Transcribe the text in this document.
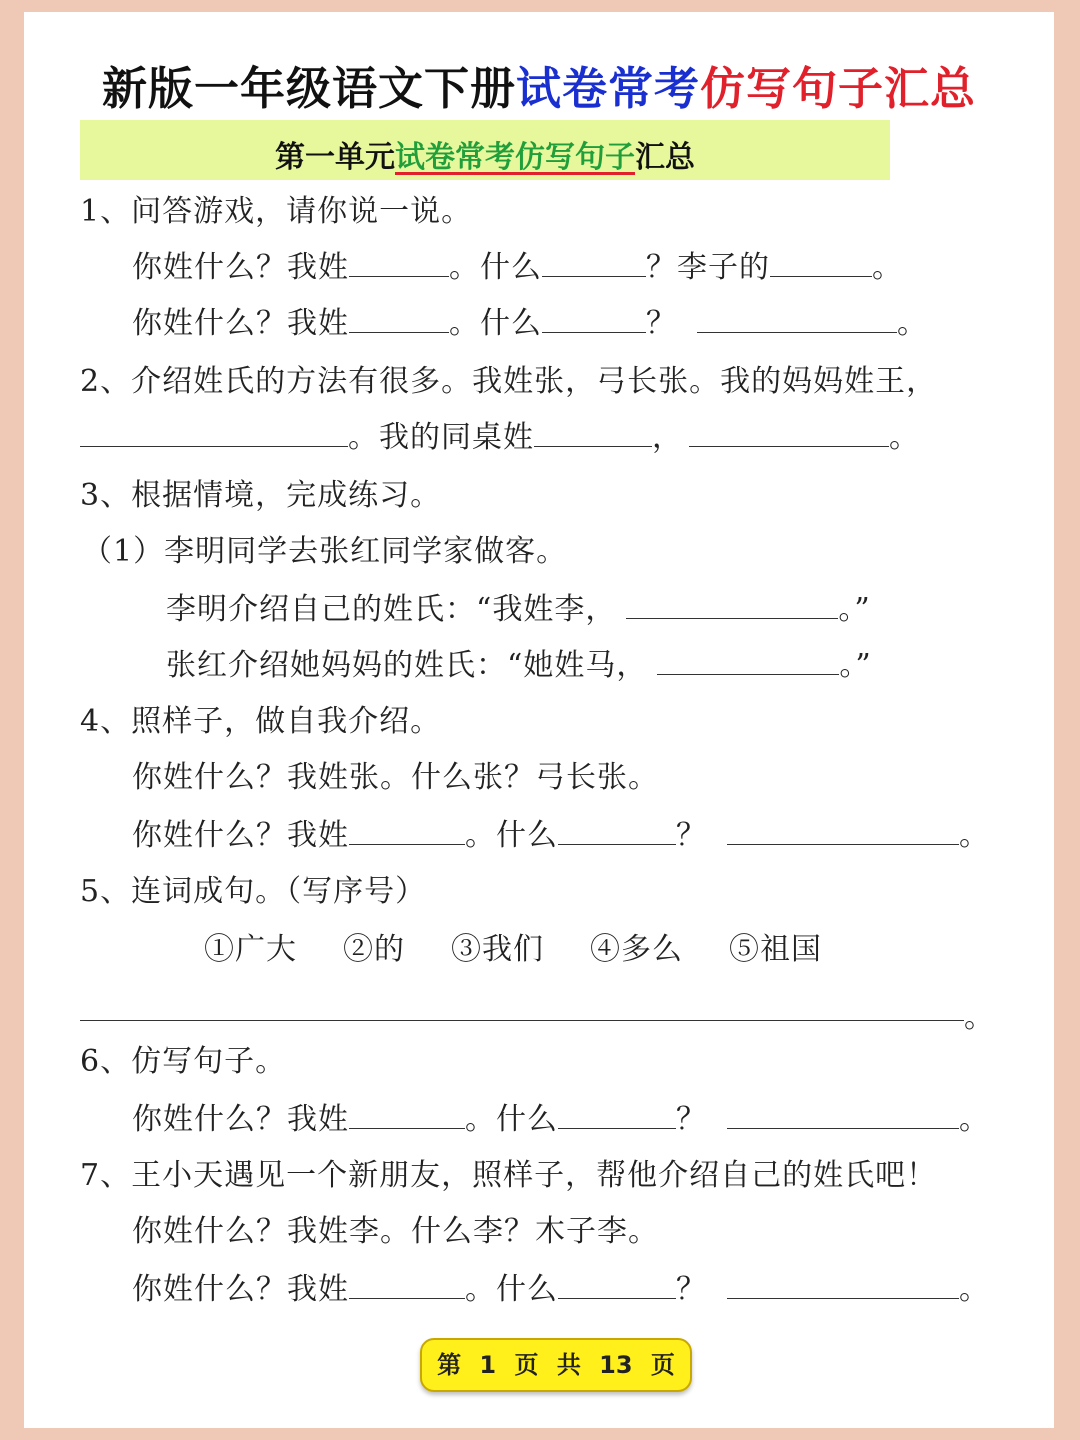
新版一年级语文下册试卷常考仿写句子汇总
第一单元试卷常考仿写句子汇总
1、问答游戏，请你说一说。
你姓什么？我姓	。什么	？李子的	。
你姓什么？我姓	。什么	？	。
2、介绍姓氏的方法有很多。我姓张，弓长张。我的妈妈姓王，
。我的同桌姓	，	。
3、根据情境，完成练习。
（1）李明同学去张红同学家做客。
李明介绍自己的姓氏：“我姓李，	。”
张红介绍她妈妈的姓氏：“她姓马，	。”
4、照样子，做自我介绍。
你姓什么？我姓张。什么张？弓长张。
你姓什么？我姓	。什么	？	。
5、连词成句。（写序号）
①广大 ②的 ③我们 ④多么 ⑤祖国
。
6、仿写句子。
你姓什么？我姓	。什么	？	。
7、王小天遇见一个新朋友，照样子，帮他介绍自己的姓氏吧！
你姓什么？我姓李。什么李？木子李。
你姓什么？我姓	。什么	？	。
第 1 页 共 13 页
